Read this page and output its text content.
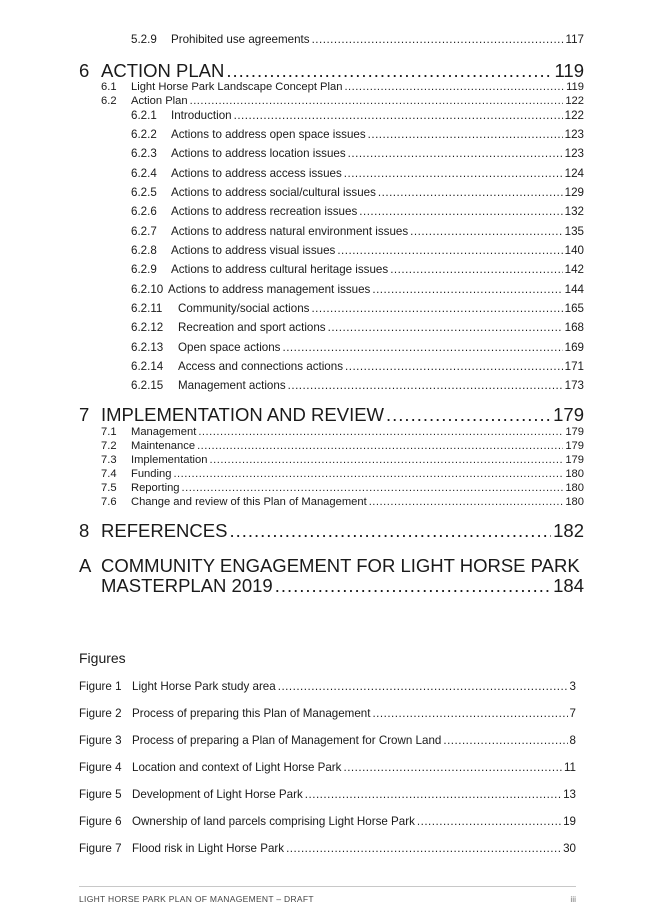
5.2.9	Prohibited use agreements .....	117
6 ACTION PLAN .....	119
6.1	Light Horse Park Landscape Concept Plan .....	119
6.2	Action Plan .....	122
6.2.1	Introduction .....	122
6.2.2	Actions to address open space issues .....	123
6.2.3	Actions to address location issues .....	123
6.2.4	Actions to address access issues .....	124
6.2.5	Actions to address social/cultural issues .....	129
6.2.6	Actions to address recreation issues .....	132
6.2.7	Actions to address natural environment issues .....	135
6.2.8	Actions to address visual issues .....	140
6.2.9	Actions to address cultural heritage issues .....	142
6.2.10 Actions to address management issues .....	144
6.2.11	Community/social actions .....	165
6.2.12	Recreation and sport actions .....	168
6.2.13	Open space actions .....	169
6.2.14	Access and connections actions .....	171
6.2.15	Management actions .....	173
7 IMPLEMENTATION AND REVIEW .....	179
7.1	Management .....	179
7.2	Maintenance .....	179
7.3	Implementation .....	179
7.4	Funding .....	180
7.5	Reporting .....	180
7.6	Change and review of this Plan of Management .....	180
8 REFERENCES .....	182
A COMMUNITY ENGAGEMENT FOR LIGHT HORSE PARK
MASTERPLAN 2019 .....	184
Figures
Figure 1 Light Horse Park study area .....	3
Figure 2 Process of preparing this Plan of Management .....	7
Figure 3 Process of preparing a Plan of Management for Crown Land .....	8
Figure 4 Location and context of Light Horse Park .....	11
Figure 5 Development of Light Horse Park .....	13
Figure 6 Ownership of land parcels comprising Light Horse Park .....	19
Figure 7 Flood risk in Light Horse Park .....	30
LIGHT HORSE PARK PLAN OF MANAGEMENT – DRAFT	iii
